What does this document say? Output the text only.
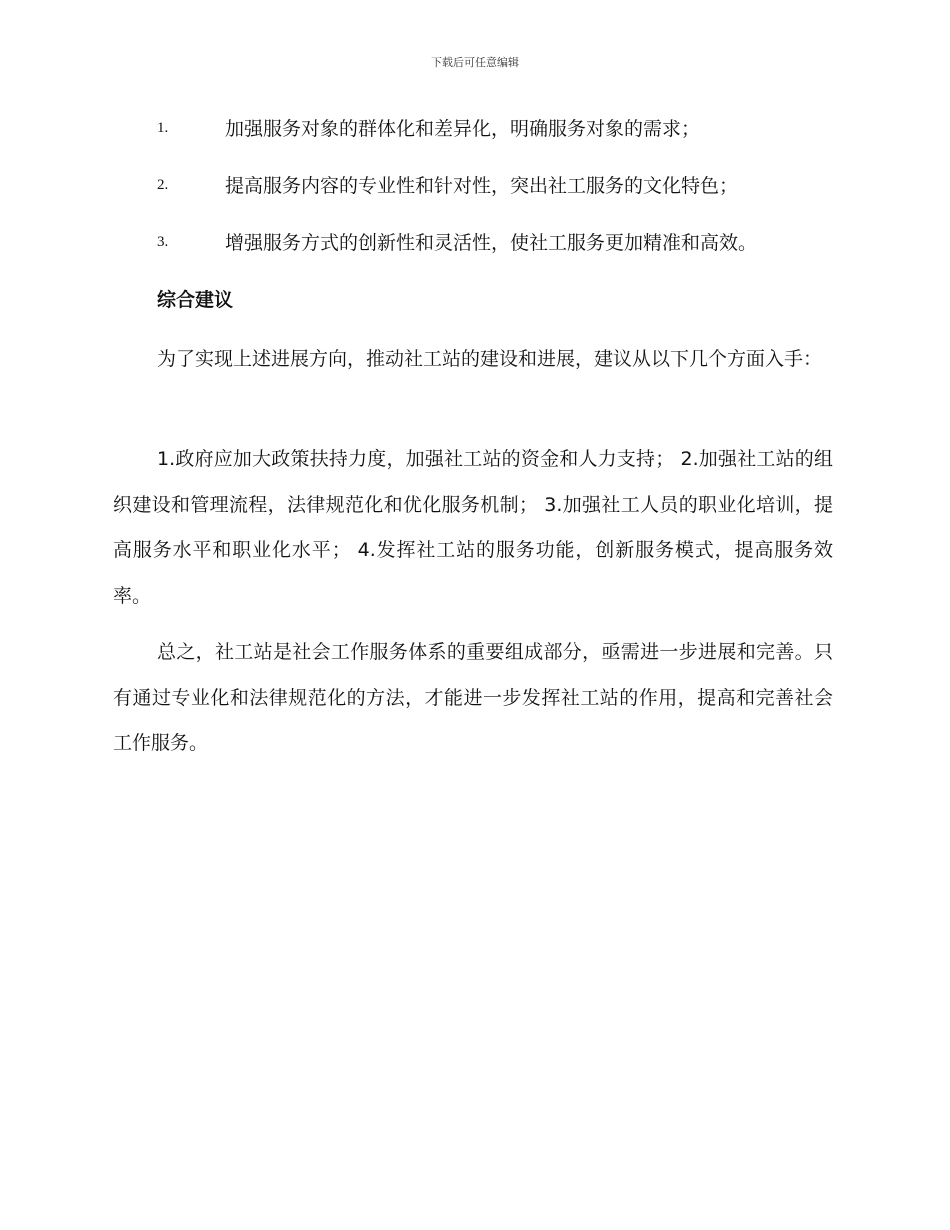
下载后可任意编辑
1.	加强服务对象的群体化和差异化，明确服务对象的需求；
2.	提高服务内容的专业性和针对性，突出社工服务的文化特色；
3.	增强服务方式的创新性和灵活性，使社工服务更加精准和高效。
综合建议

为了实现上述进展方向，推动社工站的建设和进展，建议从以下几个方面入手：

1.政府应加大政策扶持力度，加强社工站的资金和人力支持； 2.加强社工站的组织建设和管理流程，法律规范化和优化服务机制； 3.加强社工人员的职业化培训，提高服务水平和职业化水平； 4.发挥社工站的服务功能，创新服务模式，提高服务效率。

总之，社工站是社会工作服务体系的重要组成部分，亟需进一步进展和完善。只有通过专业化和法律规范化的方法，才能进一步发挥社工站的作用，提高和完善社会工作服务。
